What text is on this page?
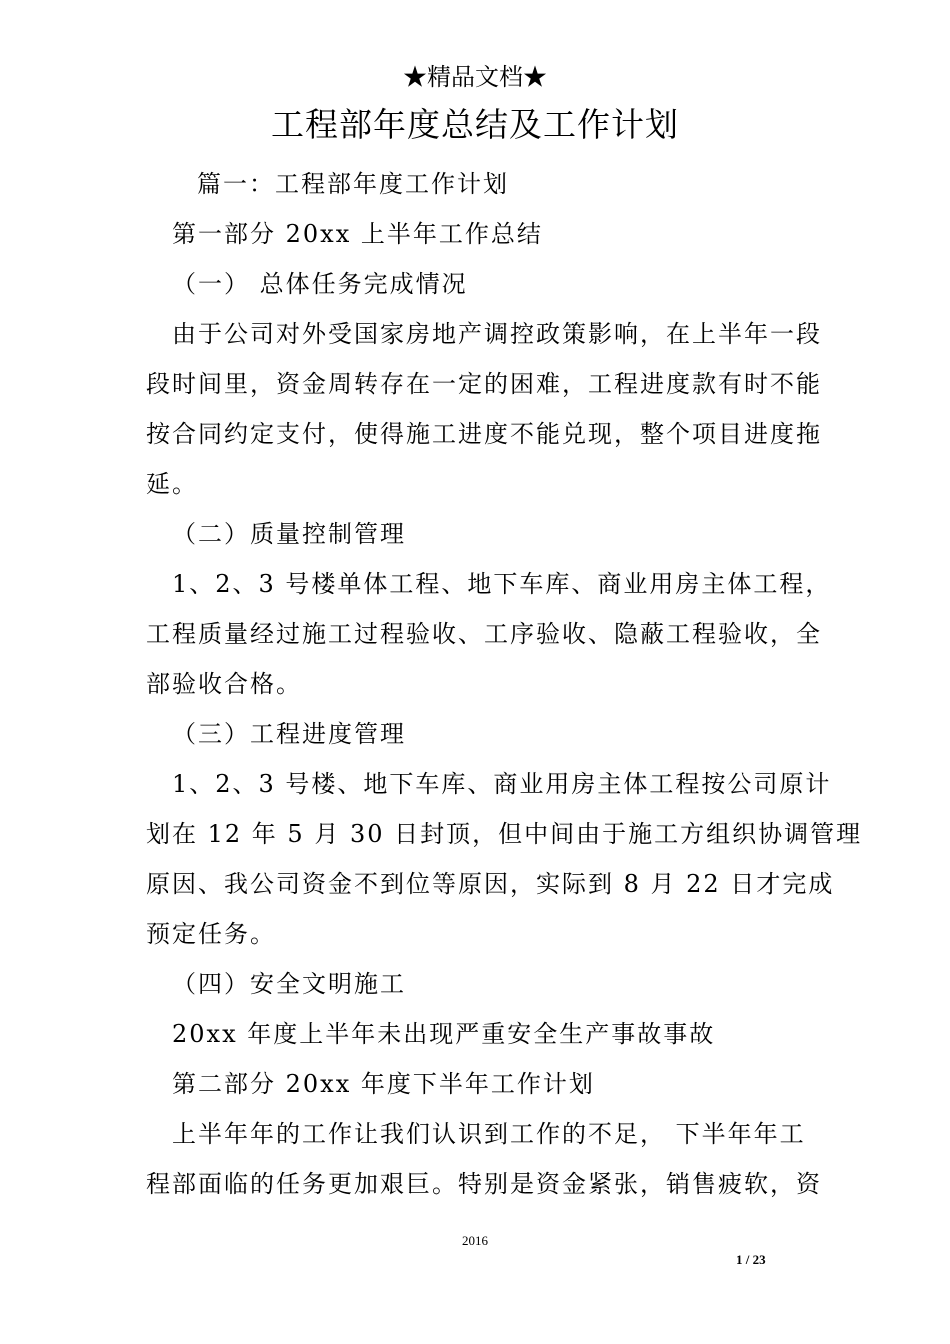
★精品文档★
工程部年度总结及工作计划
篇一：工程部年度工作计划
第一部分 20xx 上半年工作总结
（一） 总体任务完成情况
由于公司对外受国家房地产调控政策影响，在上半年一段
段时间里，资金周转存在一定的困难，工程进度款有时不能
按合同约定支付，使得施工进度不能兑现，整个项目进度拖
延。
（二）质量控制管理
1、2、3 号楼单体工程、地下车库、商业用房主体工程，
工程质量经过施工过程验收、工序验收、隐蔽工程验收，全
部验收合格。
（三）工程进度管理
1、2、3 号楼、地下车库、商业用房主体工程按公司原计
划在 12 年 5 月 30 日封顶，但中间由于施工方组织协调管理
原因、我公司资金不到位等原因，实际到 8 月 22 日才完成
预定任务。
（四）安全文明施工
20xx 年度上半年未出现严重安全生产事故事故
第二部分 20xx 年度下半年工作计划
上半年年的工作让我们认识到工作的不足， 下半年年工
程部面临的任务更加艰巨。特别是资金紧张，销售疲软，资
2016
1 / 23
